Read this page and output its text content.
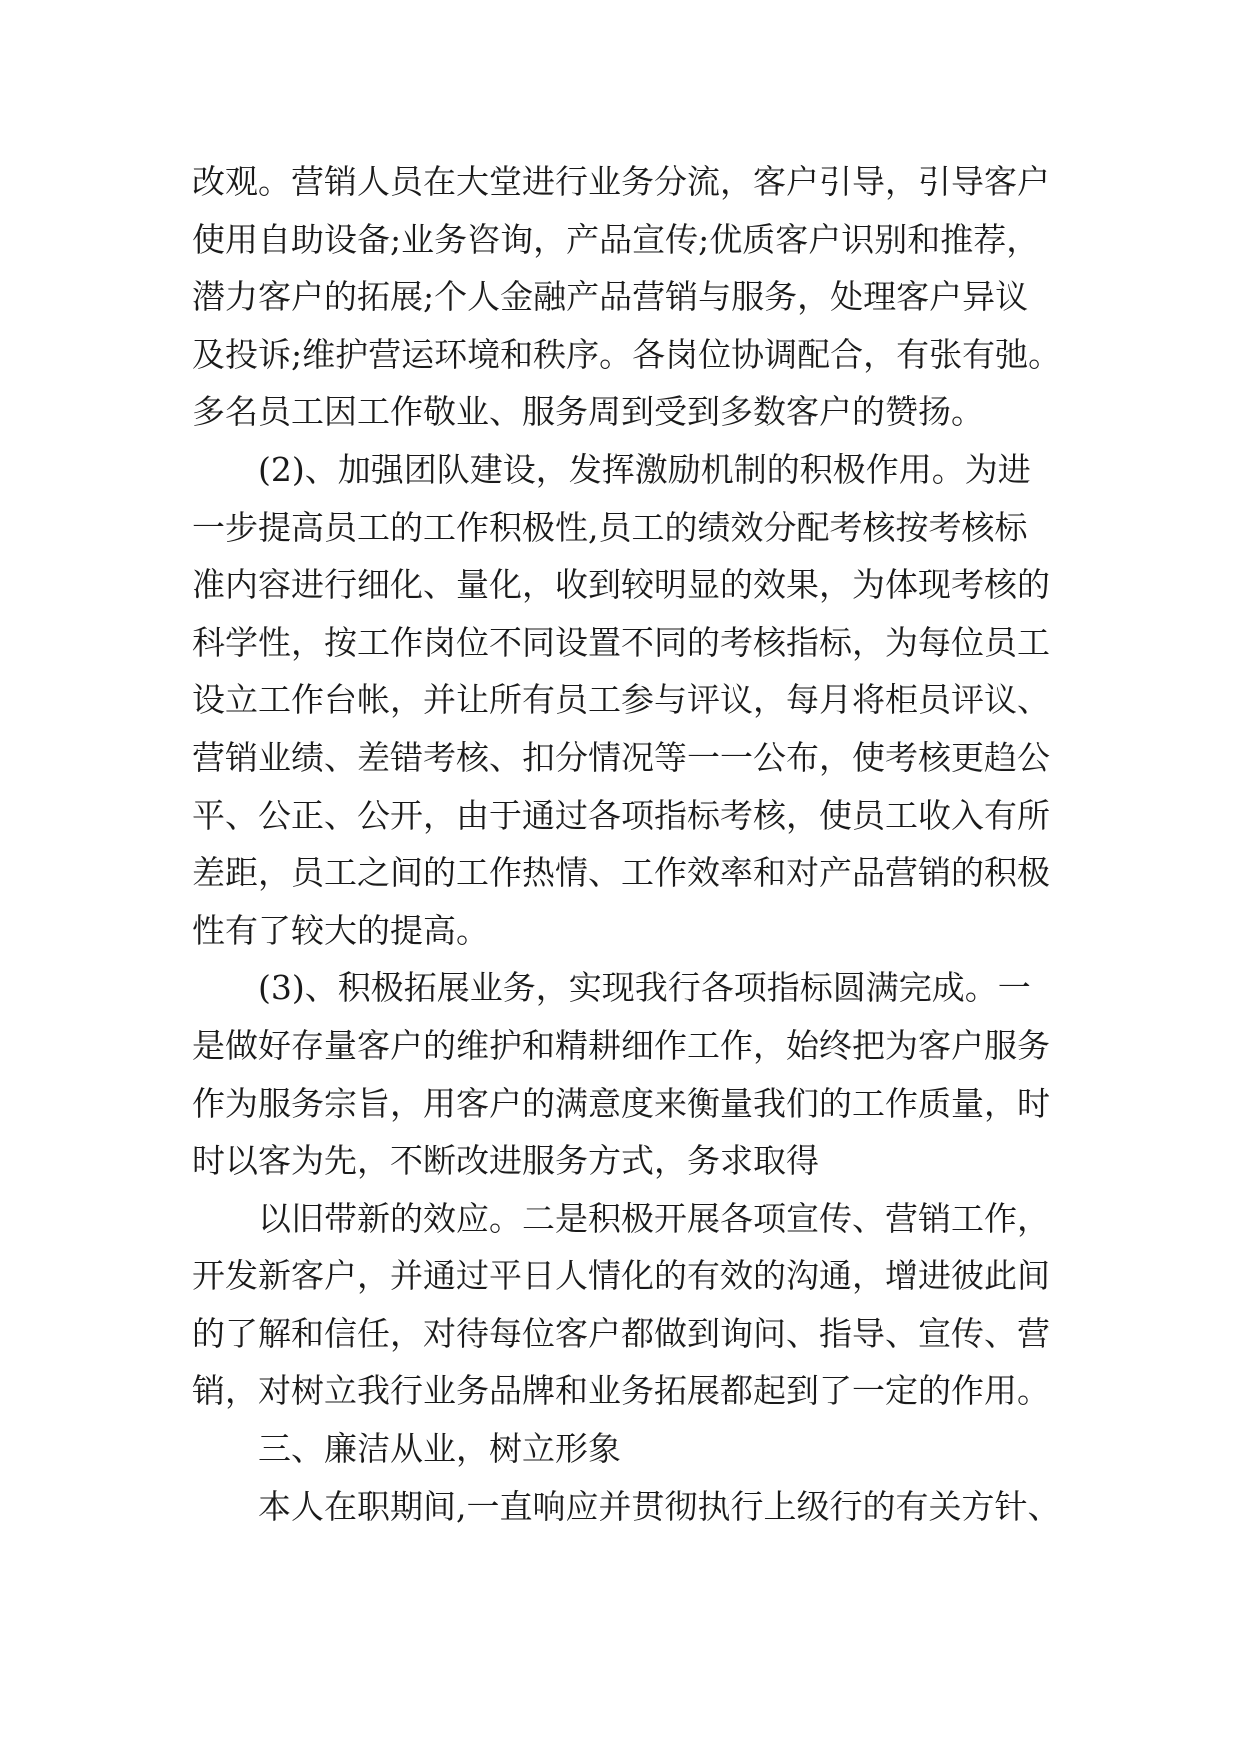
改观。营销人员在大堂进行业务分流，客户引导，引导客户
使用自助设备;业务咨询，产品宣传;优质客户识别和推荐，
潜力客户的拓展;个人金融产品营销与服务，处理客户异议
及投诉;维护营运环境和秩序。各岗位协调配合，有张有弛。
多名员工因工作敬业、服务周到受到多数客户的赞扬。
(2)、加强团队建设，发挥激励机制的积极作用。为进
一步提高员工的工作积极性,员工的绩效分配考核按考核标
准内容进行细化、量化，收到较明显的效果，为体现考核的
科学性，按工作岗位不同设置不同的考核指标，为每位员工
设立工作台帐，并让所有员工参与评议，每月将柜员评议、
营销业绩、差错考核、扣分情况等一一公布，使考核更趋公
平、公正、公开，由于通过各项指标考核，使员工收入有所
差距，员工之间的工作热情、工作效率和对产品营销的积极
性有了较大的提高。
(3)、积极拓展业务，实现我行各项指标圆满完成。一
是做好存量客户的维护和精耕细作工作，始终把为客户服务
作为服务宗旨，用客户的满意度来衡量我们的工作质量，时
时以客为先，不断改进服务方式，务求取得
以旧带新的效应。二是积极开展各项宣传、营销工作，
开发新客户，并通过平日人情化的有效的沟通，增进彼此间
的了解和信任，对待每位客户都做到询问、指导、宣传、营
销，对树立我行业务品牌和业务拓展都起到了一定的作用。
三、廉洁从业，树立形象
本人在职期间,一直响应并贯彻执行上级行的有关方针、
